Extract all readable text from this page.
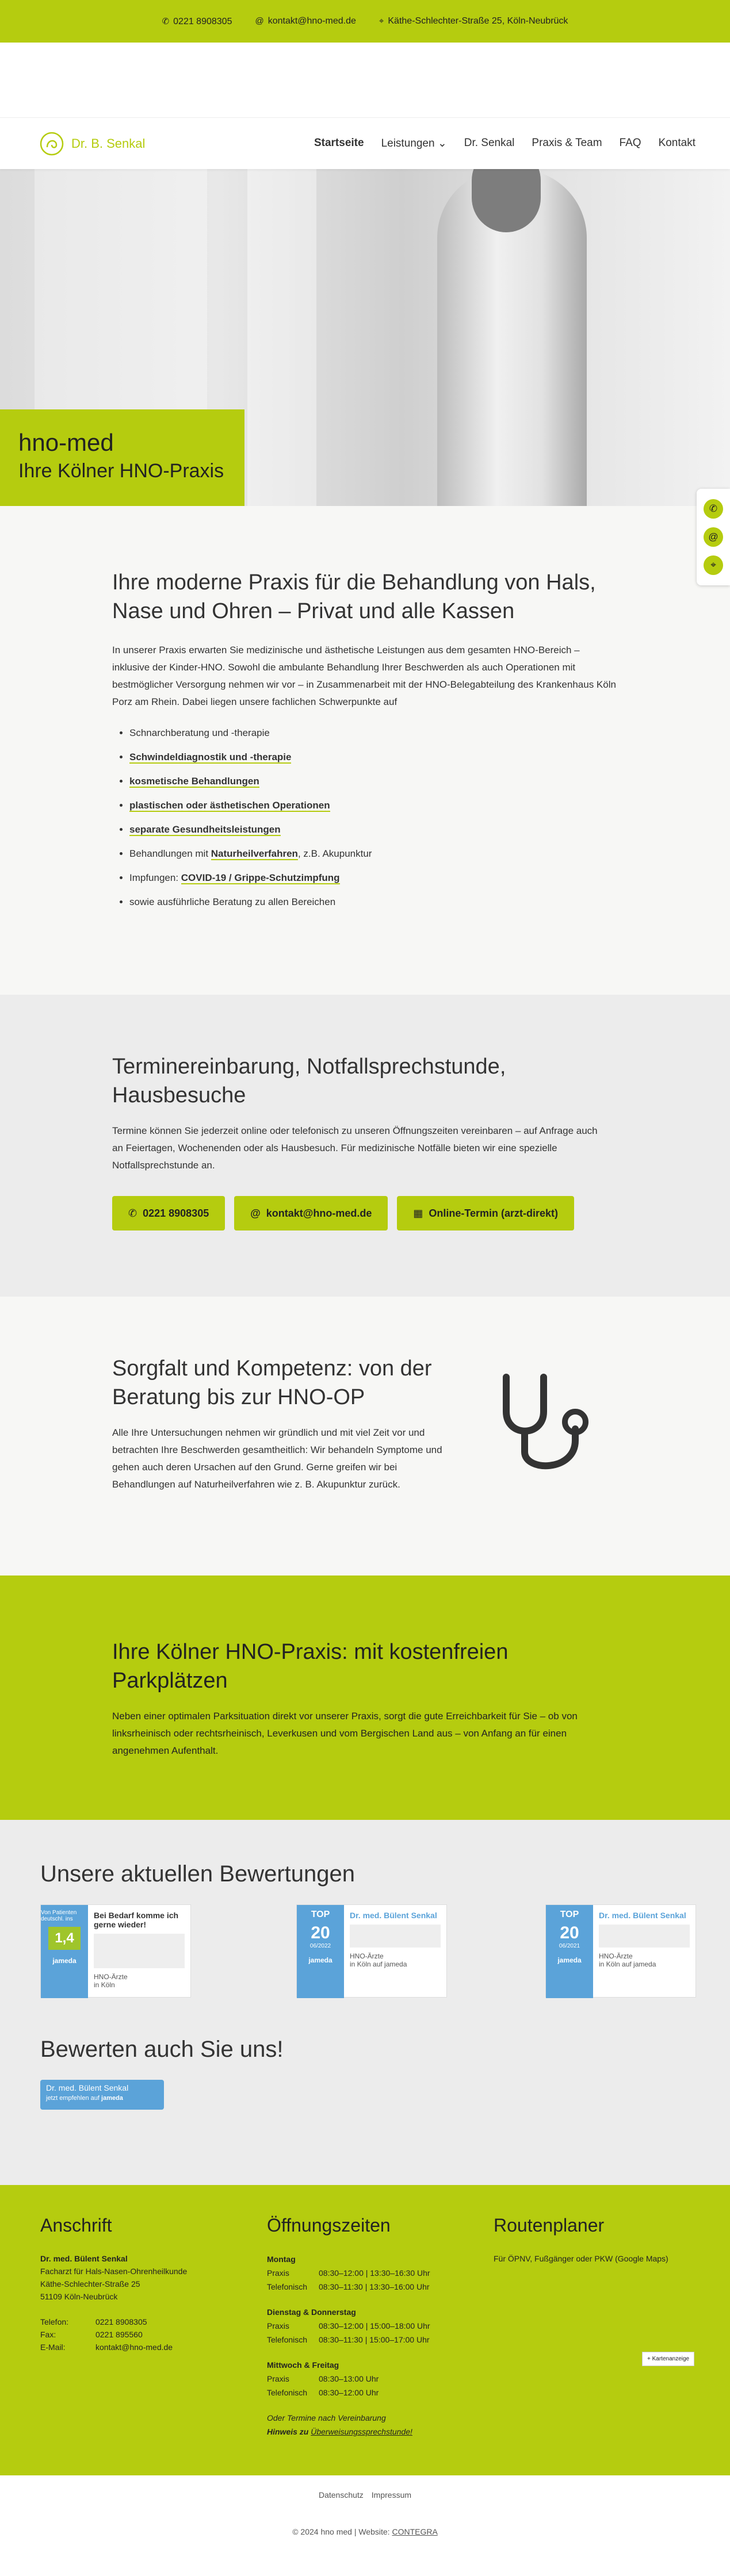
✆ 0221 8908305	@ kontakt@hno-med.de	⌖ Käthe-Schlechter-Straße 25, Köln-Neubrück
Dr. B. Senkal	Startseite Leistungen ⌄ Dr. Senkal Praxis & Team FAQ Kontakt
hno-med
Ihre Kölner HNO-Praxis
✆
@
⌖
Ihre moderne Praxis für die Behandlung von Hals, Nase und Ohren – Privat und alle Kassen

In unserer Praxis erwarten Sie medizinische und ästhetische Leistungen aus dem gesamten HNO-Bereich – inklusive der Kinder-HNO. Sowohl die ambulante Behandlung Ihrer Beschwerden als auch Operationen mit bestmöglicher Versorgung nehmen wir vor – in Zusammenarbeit mit der HNO-Belegabteilung des Krankenhaus Köln Porz am Rhein. Dabei liegen unsere fachlichen Schwerpunkte auf

• Schnarchberatung und -therapie
• Schwindeldiagnostik und -therapie
• kosmetische Behandlungen
• plastischen oder ästhetischen Operationen
• separate Gesundheitsleistungen
• Behandlungen mit Naturheilverfahren, z.B. Akupunktur
• Impfungen: COVID-19 / Grippe-Schutzimpfung
• sowie ausführliche Beratung zu allen Bereichen
Terminereinbarung, Notfallsprechstunde, Hausbesuche

Termine können Sie jederzeit online oder telefonisch zu unseren Öffnungszeiten vereinbaren – auf Anfrage auch an Feiertagen, Wochenenden oder als Hausbesuch. Für medizinische Notfälle bieten wir eine spezielle Notfallsprechstunde an.

✆ 0221 8908305	@ kontakt@hno-med.de	▦ Online-Termin (arzt-direkt)
Sorgfalt und Kompetenz: von der Beratung bis zur HNO-OP

Alle Ihre Untersuchungen nehmen wir gründlich und mit viel Zeit vor und betrachten Ihre Beschwerden gesamtheitlich: Wir behandeln Symptome und gehen auch deren Ursachen auf den Grund. Gerne greifen wir bei Behandlungen auf Naturheilverfahren wie z. B. Akupunktur zurück.

Ihre Kölner HNO-Praxis: mit kostenfreien Parkplätzen

Neben einer optimalen Parksituation direkt vor unserer Praxis, sorgt die gute Erreichbarkeit für Sie – ob von linksrheinisch oder rechtsrheinisch, Leverkusen und vom Bergischen Land aus – von Anfang an für einen angenehmen Aufenthalt.

Unsere aktuellen Bewertungen
Von Patienten deutschl. ins
1,4
jameda
Bei Bedarf komme ich gerne wieder!
HNO-Ärzte
in Köln
TOP
20
06/2022
jameda
Dr. med. Bülent Senkal
HNO-Ärzte
in Köln auf jameda
TOP
20
06/2021
jameda
Dr. med. Bülent Senkal
HNO-Ärzte
in Köln auf jameda
Bewerten auch Sie uns!
Dr. med. Bülent Senkal
jetzt empfehlen auf jameda
Anschrift
Dr. med. Bülent Senkal
Facharzt für Hals-Nasen-Ohrenheilkunde
Käthe-Schlechter-Straße 25
51109 Köln-Neubrück
Telefon:	0221 8908305
Fax:	0221 895560
E-Mail:	kontakt@hno-med.de
Öffnungszeiten
Montag
Praxis	08:30–12:00 | 13:30–16:30 Uhr
Telefonisch	08:30–11:30 | 13:30–16:00 Uhr
Dienstag & Donnerstag
Praxis	08:30–12:00 | 15:00–18:00 Uhr
Telefonisch	08:30–11:30 | 15:00–17:00 Uhr
Mittwoch & Freitag
Praxis	08:30–13:00 Uhr
Telefonisch	08:30–12:00 Uhr
Oder Termine nach Vereinbarung
Hinweis zu Überweisungssprechstunde!
Routenplaner
Für ÖPNV, Fußgänger oder PKW (Google Maps)
+ Kartenanzeige
Datenschutz Impressum
© 2024 hno med | Website: CONTEGRA
